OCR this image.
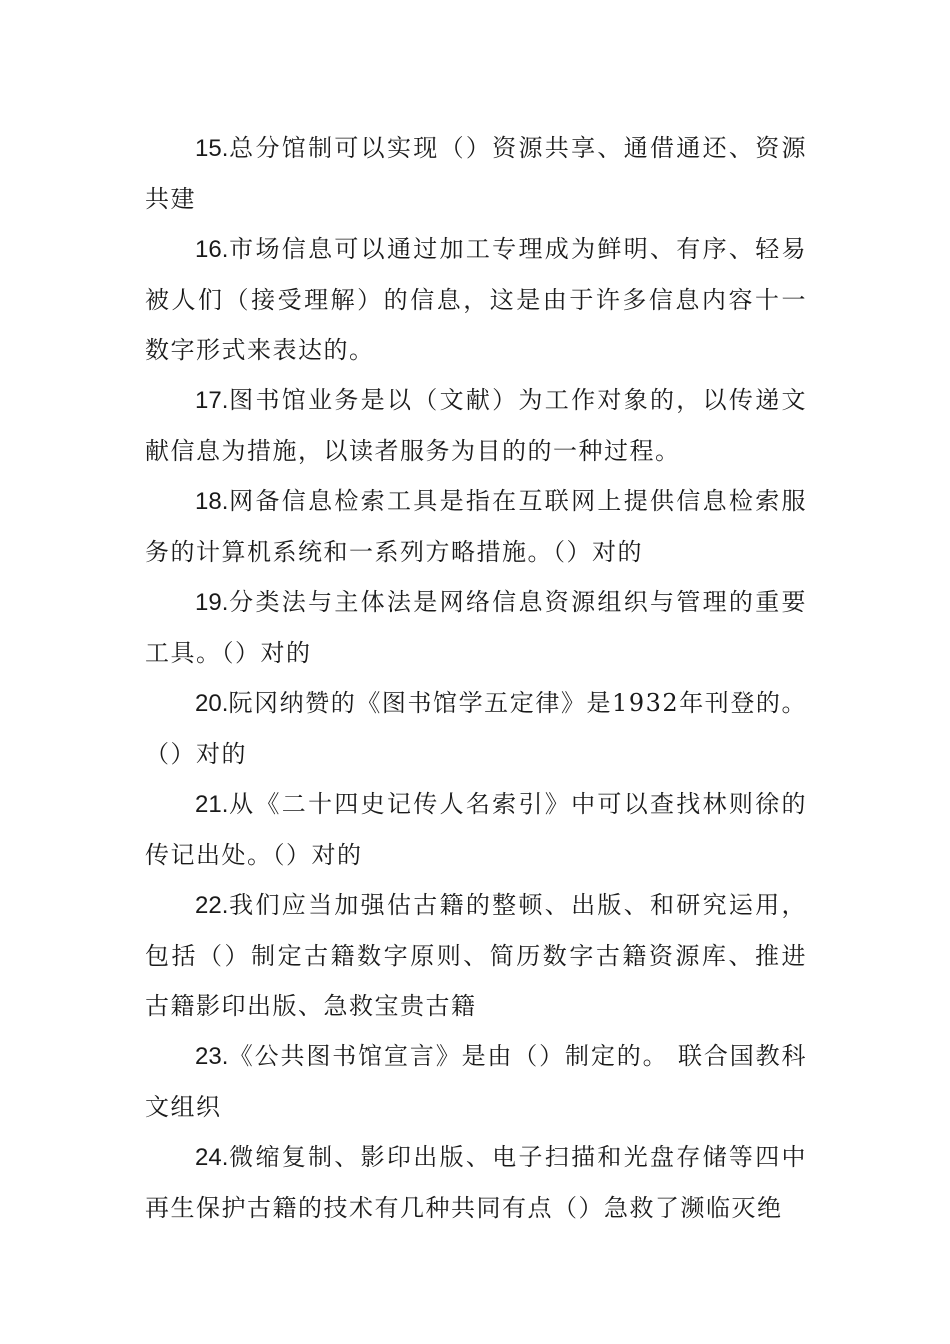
15.总分馆制可以实现（）资源共享、通借通还、资源共建

16.市场信息可以通过加工专理成为鲜明、有序、轻易被人们（接受理解）的信息，这是由于许多信息内容十一数字形式来表达的。

17.图书馆业务是以（文献）为工作对象的，以传递文献信息为措施，以读者服务为目的的一种过程。

18.网备信息检索工具是指在互联网上提供信息检索服务的计算机系统和一系列方略措施。（）对的

19.分类法与主体法是网络信息资源组织与管理的重要工具。（）对的

20.阮冈纳赞的《图书馆学五定律》是1932年刊登的。（）对的

21.从《二十四史记传人名索引》中可以查找林则徐的传记出处。（）对的

22.我们应当加强估古籍的整顿、出版、和研究运用，包括（）制定古籍数字原则、简历数字古籍资源库、推进古籍影印出版、急救宝贵古籍

23.《公共图书馆宣言》是由（）制定的。 联合国教科文组织

24.微缩复制、影印出版、电子扫描和光盘存储等四中再生保护古籍的技术有几种共同有点（）急救了濒临灭绝
